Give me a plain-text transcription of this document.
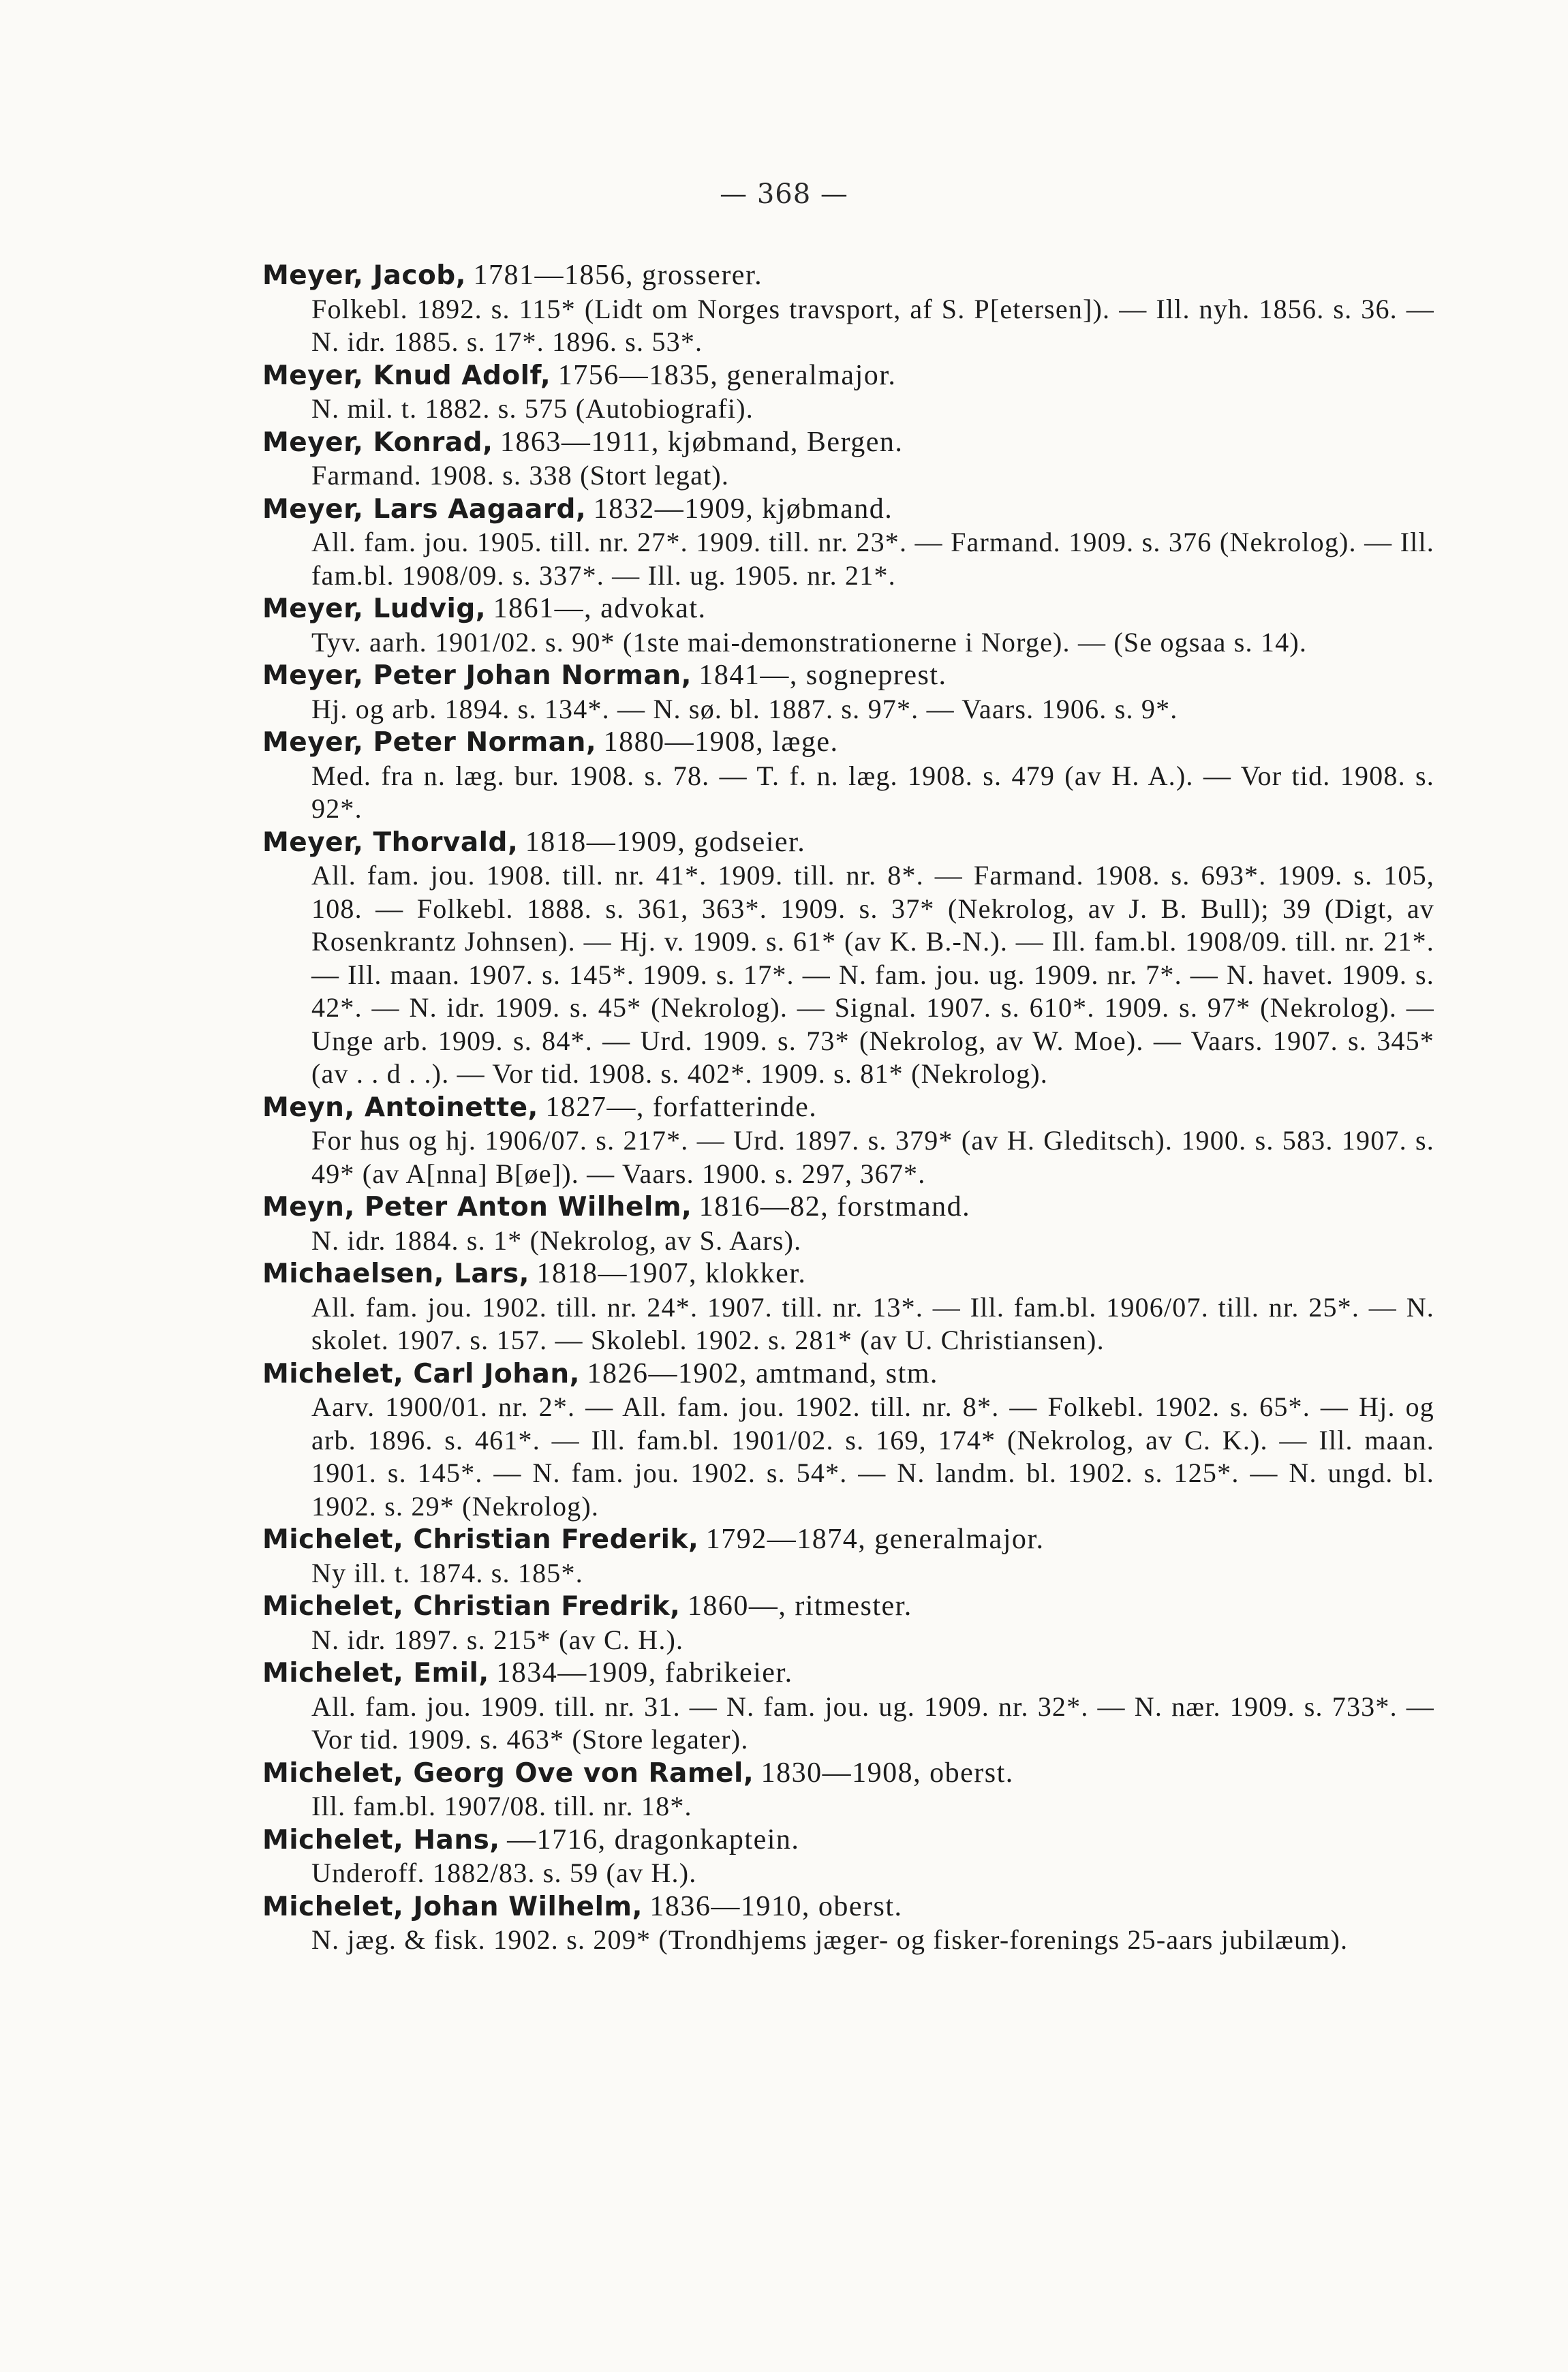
— 368 —
Meyer, Jacob, 1781—1856, grosserer.
Folkebl. 1892. s. 115* (Lidt om Norges travsport, af S. P[etersen]). — Ill. nyh. 1856. s. 36. — N. idr. 1885. s. 17*. 1896. s. 53*.
Meyer, Knud Adolf, 1756—1835, generalmajor.
N. mil. t. 1882. s. 575 (Autobiografi).
Meyer, Konrad, 1863—1911, kjøbmand, Bergen.
Farmand. 1908. s. 338 (Stort legat).
Meyer, Lars Aagaard, 1832—1909, kjøbmand.
All. fam. jou. 1905. till. nr. 27*. 1909. till. nr. 23*. — Farmand. 1909. s. 376 (Nekrolog). — Ill. fam.bl. 1908/09. s. 337*. — Ill. ug. 1905. nr. 21*.
Meyer, Ludvig, 1861—, advokat.
Tyv. aarh. 1901/02. s. 90* (1ste mai-demonstrationerne i Norge). — (Se ogsaa s. 14).
Meyer, Peter Johan Norman, 1841—, sogneprest.
Hj. og arb. 1894. s. 134*. — N. sø. bl. 1887. s. 97*. — Vaars. 1906. s. 9*.
Meyer, Peter Norman, 1880—1908, læge.
Med. fra n. læg. bur. 1908. s. 78. — T. f. n. læg. 1908. s. 479 (av H. A.). — Vor tid. 1908. s. 92*.
Meyer, Thorvald, 1818—1909, godseier.
All. fam. jou. 1908. till. nr. 41*. 1909. till. nr. 8*. — Farmand. 1908. s. 693*. 1909. s. 105, 108. — Folkebl. 1888. s. 361, 363*. 1909. s. 37* (Nekrolog, av J. B. Bull); 39 (Digt, av Rosenkrantz Johnsen). — Hj. v. 1909. s. 61* (av K. B.-N.). — Ill. fam.bl. 1908/09. till. nr. 21*. — Ill. maan. 1907. s. 145*. 1909. s. 17*. — N. fam. jou. ug. 1909. nr. 7*. — N. havet. 1909. s. 42*. — N. idr. 1909. s. 45* (Nekrolog). — Signal. 1907. s. 610*. 1909. s. 97* (Nekrolog). — Unge arb. 1909. s. 84*. — Urd. 1909. s. 73* (Nekrolog, av W. Moe). — Vaars. 1907. s. 345* (av . . d . .). — Vor tid. 1908. s. 402*. 1909. s. 81* (Nekrolog).
Meyn, Antoinette, 1827—, forfatterinde.
For hus og hj. 1906/07. s. 217*. — Urd. 1897. s. 379* (av H. Gleditsch). 1900. s. 583. 1907. s. 49* (av A[nna] B[øe]). — Vaars. 1900. s. 297, 367*.
Meyn, Peter Anton Wilhelm, 1816—82, forstmand.
N. idr. 1884. s. 1* (Nekrolog, av S. Aars).
Michaelsen, Lars, 1818—1907, klokker.
All. fam. jou. 1902. till. nr. 24*. 1907. till. nr. 13*. — Ill. fam.bl. 1906/07. till. nr. 25*. — N. skolet. 1907. s. 157. — Skolebl. 1902. s. 281* (av U. Christiansen).
Michelet, Carl Johan, 1826—1902, amtmand, stm.
Aarv. 1900/01. nr. 2*. — All. fam. jou. 1902. till. nr. 8*. — Folkebl. 1902. s. 65*. — Hj. og arb. 1896. s. 461*. — Ill. fam.bl. 1901/02. s. 169, 174* (Nekrolog, av C. K.). — Ill. maan. 1901. s. 145*. — N. fam. jou. 1902. s. 54*. — N. landm. bl. 1902. s. 125*. — N. ungd. bl. 1902. s. 29* (Nekrolog).
Michelet, Christian Frederik, 1792—1874, generalmajor.
Ny ill. t. 1874. s. 185*.
Michelet, Christian Fredrik, 1860—, ritmester.
N. idr. 1897. s. 215* (av C. H.).
Michelet, Emil, 1834—1909, fabrikeier.
All. fam. jou. 1909. till. nr. 31. — N. fam. jou. ug. 1909. nr. 32*. — N. nær. 1909. s. 733*. — Vor tid. 1909. s. 463* (Store legater).
Michelet, Georg Ove von Ramel, 1830—1908, oberst.
Ill. fam.bl. 1907/08. till. nr. 18*.
Michelet, Hans, —1716, dragonkaptein.
Underoff. 1882/83. s. 59 (av H.).
Michelet, Johan Wilhelm, 1836—1910, oberst.
N. jæg. & fisk. 1902. s. 209* (Trondhjems jæger- og fisker-forenings 25-aars jubilæum).
